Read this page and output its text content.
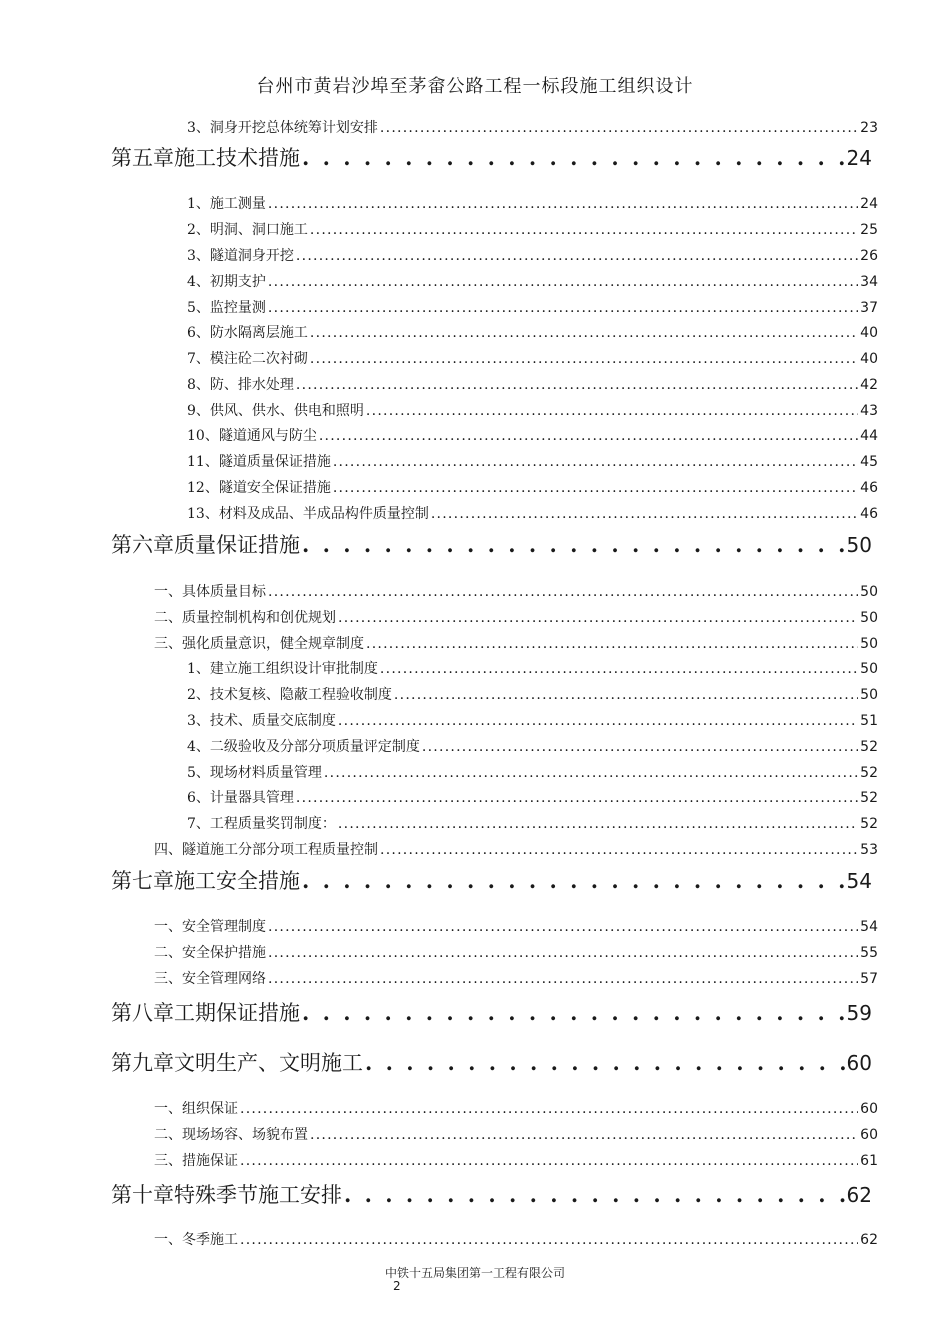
台州市黄岩沙埠至茅畲公路工程一标段施工组织设计
3、洞身开挖总体统筹计划安排 . . .	23
第五章施工技术措施 . . .	24
1、施工测量 . . .	24
2、明洞、洞口施工 . . .	25
3、隧道洞身开挖 . . .	26
4、初期支护 . . .	34
5、监控量测 . . .	37
6、防水隔离层施工 . . .	40
7、模注砼二次衬砌 . . .	40
8、防、排水处理 . . .	42
9、供风、供水、供电和照明 . . .	43
10、隧道通风与防尘 . . .	44
11、隧道质量保证措施 . . .	45
12、隧道安全保证措施 . . .	46
13、材料及成品、半成品构件质量控制 . . .	46
第六章质量保证措施 . . .	50
一、具体质量目标 . . .	50
二、质量控制机构和创优规划 . . .	50
三、强化质量意识，健全规章制度 . . .	50
1、建立施工组织设计审批制度 . . .	50
2、技术复核、隐蔽工程验收制度 . . .	50
3、技术、质量交底制度 . . .	51
4、二级验收及分部分项质量评定制度 . . .	52
5、现场材料质量管理 . . .	52
6、计量器具管理 . . .	52
7、工程质量奖罚制度： . . .	52
四、隧道施工分部分项工程质量控制 . . .	53
第七章施工安全措施 . . .	54
一、安全管理制度 . . .	54
二、安全保护措施 . . .	55
三、安全管理网络 . . .	57
第八章工期保证措施 . . .	59
第九章文明生产、文明施工 . . .	60
一、组织保证 . . .	60
二、现场场容、场貌布置 . . .	60
三、措施保证 . . .	61
第十章特殊季节施工安排 . . .	62
一、冬季施工 . . .	62
中铁十五局集团第一工程有限公司
2
